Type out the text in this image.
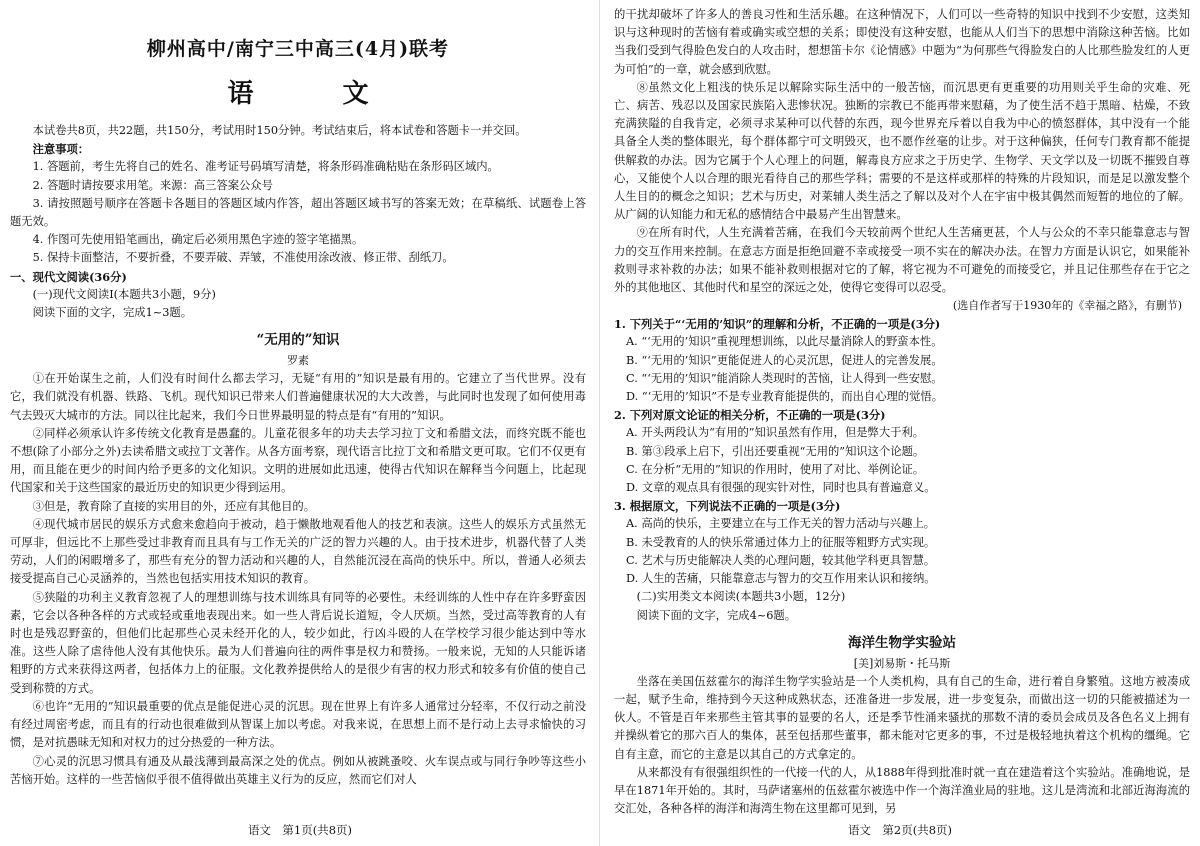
柳州高中/南宁三中高三(4月)联考
语 文

本试卷共8页，共22题，共150分，考试用时150分钟。考试结束后，将本试卷和答题卡一并交回。

注意事项：

1. 答题前，考生先将自己的姓名、准考证号码填写清楚，将条形码准确粘贴在条形码区域内。

2. 答题时请按要求用笔。来源：高三答案公众号

3. 请按照题号顺序在答题卡各题目的答题区域内作答，超出答题区域书写的答案无效；在草稿纸、试题卷上答题无效。

4. 作图可先使用铅笔画出，确定后必须用黑色字迹的签字笔描黑。

5. 保持卡面整洁，不要折叠，不要弄破、弄皱，不准使用涂改液、修正带、刮纸刀。

一、现代文阅读(36分)

(一)现代文阅读Ⅰ(本题共3小题，9分)

阅读下面的文字，完成1~3题。

“无用的”知识
罗素

①在开始谋生之前，人们没有时间什么都去学习，无疑“有用的”知识是最有用的。它建立了当代世界。没有它，我们就没有机器、铁路、飞机。现代知识已带来人们普遍健康状况的大大改善，与此同时也发现了如何使用毒气去毁灭大城市的方法。同以往比起来，我们今日世界最明显的特点是有“有用的”知识。

②同样必须承认许多传统文化教育是愚蠢的。儿童花很多年的功夫去学习拉丁文和希腊文法，而终究既不能也不想(除了小部分之外)去读希腊文或拉丁文著作。从各方面考察，现代语言比拉丁文和希腊文更可取。它们不仅更有用，而且能在更少的时间内给予更多的文化知识。文明的进展如此迅速，使得古代知识在解释当今问题上，比起现代国家和关于这些国家的最近历史的知识更少得到运用。

③但是，教育除了直接的实用目的外，还应有其他目的。

④现代城市居民的娱乐方式愈来愈趋向于被动，趋于懒散地观看他人的技艺和表演。这些人的娱乐方式虽然无可厚非，但远比不上那些受过非教育而且具有与工作无关的广泛的智力兴趣的人。由于技术进步，机器代替了人类劳动，人们的闲暇增多了，那些有充分的智力活动和兴趣的人，自然能沉浸在高尚的快乐中。所以，普通人必须去接受提高自己心灵涵养的，当然也包括实用技术知识的教育。

⑤狭隘的功利主义教育忽视了人的理想训练与技术训练具有同等的必要性。未经训练的人性中存在许多野蛮因素，它会以各种各样的方式或轻或重地表现出来。如一些人背后说长道短，令人厌烦。当然，受过高等教育的人有时也是残忍野蛮的，但他们比起那些心灵未经开化的人，较少如此，行凶斗殴的人在学校学习很少能达到中等水准。这些人除了虐待他人没有其他快乐。最为人们普遍向往的两件事是权力和赞扬。一般来说，无知的人只能诉诸粗野的方式来获得这两者，包括体力上的征服。文化教养提供给人的是很少有害的权力形式和较多有价值的使自己受到称赞的方式。

⑥也许“无用的”知识最重要的优点是能促进心灵的沉思。现在世界上有许多人通常过分轻率，不仅行动之前没有经过周密考虑，而且有的行动也很难做到从智谋上加以考虑。对我来说，在思想上而不是行动上去寻求愉快的习惯，是对抗愚昧无知和对权力的过分热爱的一种方法。

⑦心灵的沉思习惯具有通及从最浅薄到最高深之处的优点。例如从被跳蚤咬、火车误点或与同行争吵等这些小苦恼开始。这样的一些苦恼似乎很不值得做出英雄主义行为的反应，然而它们对人

语文　第1页(共8页)

的干扰却破坏了许多人的善良习性和生活乐趣。在这种情况下，人们可以一些奇特的知识中找到不少安慰，这类知识与这种现时的苦恼有着或确实或空想的关系；即使没有这种安慰，也能从人们当下的思想中消除这种苦恼。比如当我们受到气得脸色发白的人攻击时，想想笛卡尔《论情感》中题为“为何那些气得脸发白的人比那些脸发红的人更为可怕”的一章，就会感到欣慰。

⑧虽然文化上粗浅的快乐足以解除实际生活中的一般苦恼，而沉思更有更重要的功用则关乎生命的灾难、死亡、病苦、残忍以及国家民族陷入悲惨状况。独断的宗教已不能再带来慰藉，为了使生活不趋于黑暗、枯燥，不致充满狭隘的自我肯定，必须寻求某种可以代替的东西，现今世界充斥着以自我为中心的愤怒群体，其中没有一个能具备全人类的整体眼光，每个群体都宁可文明毁灭，也不愿作丝毫的让步。对于这种偏狭，任何专门教育都不能提供解救的办法。因为它属于个人心理上的问题，解毒良方应求之于历史学、生物学、天文学以及一切既不摧毁自尊心，又能使个人以合理的眼光看待自己的那些学科；需要的不是这样或那样的特殊的片段知识，而是足以激发整个人生目的的概念之知识；艺术与历史，对莱辅人类生活之了解以及对个人在宇宙中极其偶然而短暂的地位的了解。从广阔的认知能力和无私的感情结合中最易产生出智慧来。

⑨在所有时代，人生充满着苦痛，在我们今天较前两个世纪人生苦痛更甚，个人与公众的不幸只能靠意志与智力的交互作用来控制。在意志方面是拒绝回避不幸或接受一项不实在的解决办法。在智力方面是认识它，如果能补救则寻求补救的办法；如果不能补救则根据对它的了解，将它视为不可避免的而接受它，并且记住那些存在于它之外的其他地区、其他时代和星空的深远之处，使得它变得可以忍受。

(选自作者写于1930年的《幸福之路》，有删节)

1. 下列关于“‘无用的’知识”的理解和分析，不正确的一项是(3分)

A. “‘无用的’知识”重视理想训练，以此尽量消除人的野蛮本性。

B. “‘无用的’知识”更能促进人的心灵沉思，促进人的完善发展。

C. “‘无用的’知识”能消除人类现时的苦恼，让人得到一些安慰。

D. “‘无用的’知识”不是专业教育能提供的，而出自心理的觉悟。

2. 下列对原文论证的相关分析，不正确的一项是(3分)

A. 开头两段认为“有用的”知识虽然有作用，但是弊大于利。

B. 第③段承上启下，引出还要重视“无用的”知识这个论题。

C. 在分析“无用的”知识的作用时，使用了对比、举例论证。

D. 文章的观点具有很强的现实针对性，同时也具有普遍意义。

3. 根据原文，下列说法不正确的一项是(3分)

A. 高尚的快乐，主要建立在与工作无关的智力活动与兴趣上。

B. 未受教育的人的快乐常通过体力上的征服等粗野方式实现。

C. 艺术与历史能解决人类的心理问题，较其他学科更具智慧。

D. 人生的苦痛，只能靠意志与智力的交互作用来认识和接纳。

(二)实用类文本阅读(本题共3小题，12分)

阅读下面的文字，完成4~6题。

海洋生物学实验站
[美]刘易斯・托马斯

坐落在美国伍兹霍尔的海洋生物学实验站是一个人类机构，具有自己的生命，进行着自身繁殖。这地方被凑成一起，赋予生命，维持到今天这种成熟状态，还准备进一步发展，进一步变复杂，而做出这一切的只能被描述为一伙人。不管是百年来那些主管其事的显要的名人，还是季节性涌来骚扰的那数不清的委员会成员及各色名义上拥有并操纵着它的那六百人的集体，甚至包括那些董事，都未能对它更多的事，不过是极轻地执着这个机构的缰绳。它自有主意，而它的主意是以其自己的方式拿定的。

从来都没有有很强组织性的一代接一代的人，从1888年得到批准时就一直在建造着这个实验站。准确地说，是早在1871年开始的。其时，马萨诸塞州的伍兹霍尔被选中作一个海洋渔业局的驻地。这儿是湾流和北部近海海流的交汇处，各种各样的海洋和海湾生物在这里都可见到，另

语文　第2页(共8页)
